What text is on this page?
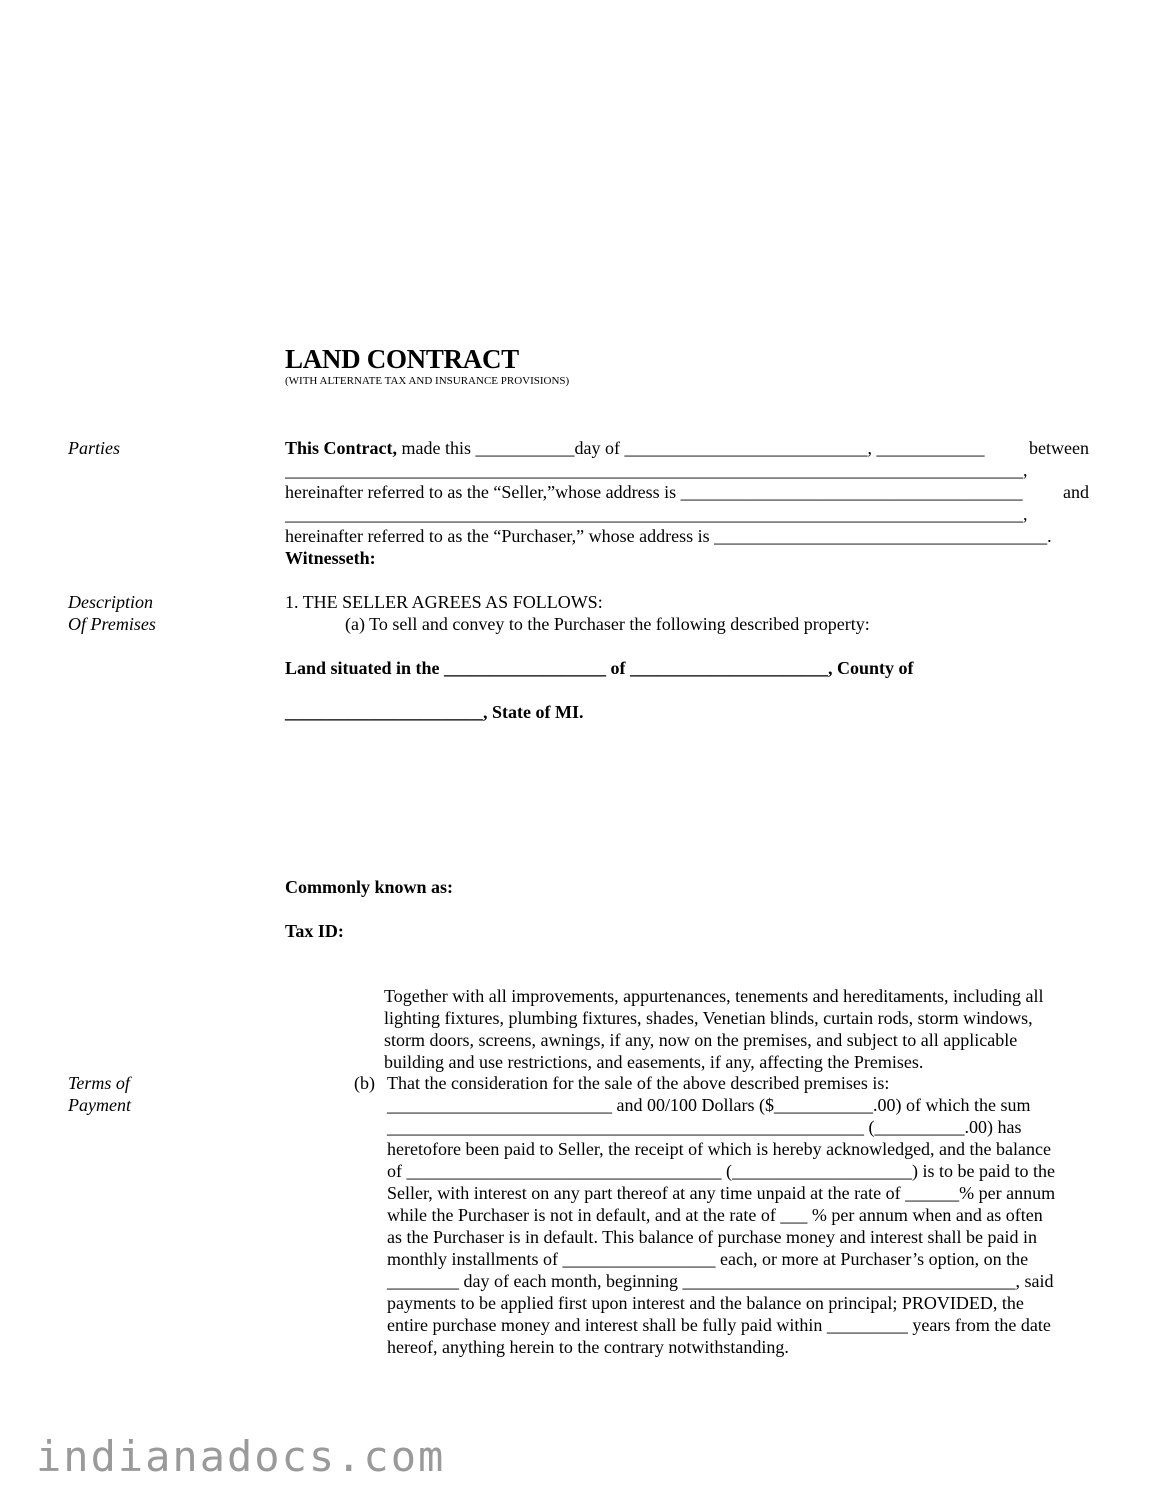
LAND CONTRACT
(WITH ALTERNATE TAX AND INSURANCE PROVISIONS)
Parties
Description
Of Premises
Terms of
Payment
This Contract, made this ___________day of ___________________________, ____________ between
__________________________________________________________________________________,
hereinafter referred to as the “Seller,”whose address is ______________________________________ and
__________________________________________________________________________________,
hereinafter referred to as the “Purchaser,” whose address is _____________________________________.
Witnesseth:
1. THE SELLER AGREES AS FOLLOWS:
(a) To sell and convey to the Purchaser the following described property:
Land situated in the __________________ of ______________________, County of
______________________, State of MI.
Commonly known as:
Tax ID:
Together with all improvements, appurtenances, tenements and hereditaments, including all
lighting fixtures, plumbing fixtures, shades, Venetian blinds, curtain rods, storm windows,
storm doors, screens, awnings, if any, now on the premises, and subject to all applicable
building and use restrictions, and easements, if any, affecting the Premises.
(b) That the consideration for the sale of the above described premises is:
_________________________ and 00/100 Dollars ($___________.00) of which the sum
_____________________________________________________ (__________.00) has
heretofore been paid to Seller, the receipt of which is hereby acknowledged, and the balance
of ___________________________________ (____________________) is to be paid to the
Seller, with interest on any part thereof at any time unpaid at the rate of ______% per annum
while the Purchaser is not in default, and at the rate of ___ % per annum when and as often
as the Purchaser is in default. This balance of purchase money and interest shall be paid in
monthly installments of _________________ each, or more at Purchaser’s option, on the
________ day of each month, beginning _____________________________________, said
payments to be applied first upon interest and the balance on principal; PROVIDED, the
entire purchase money and interest shall be fully paid within _________ years from the date
hereof, anything herein to the contrary notwithstanding.
indianadocs.com
